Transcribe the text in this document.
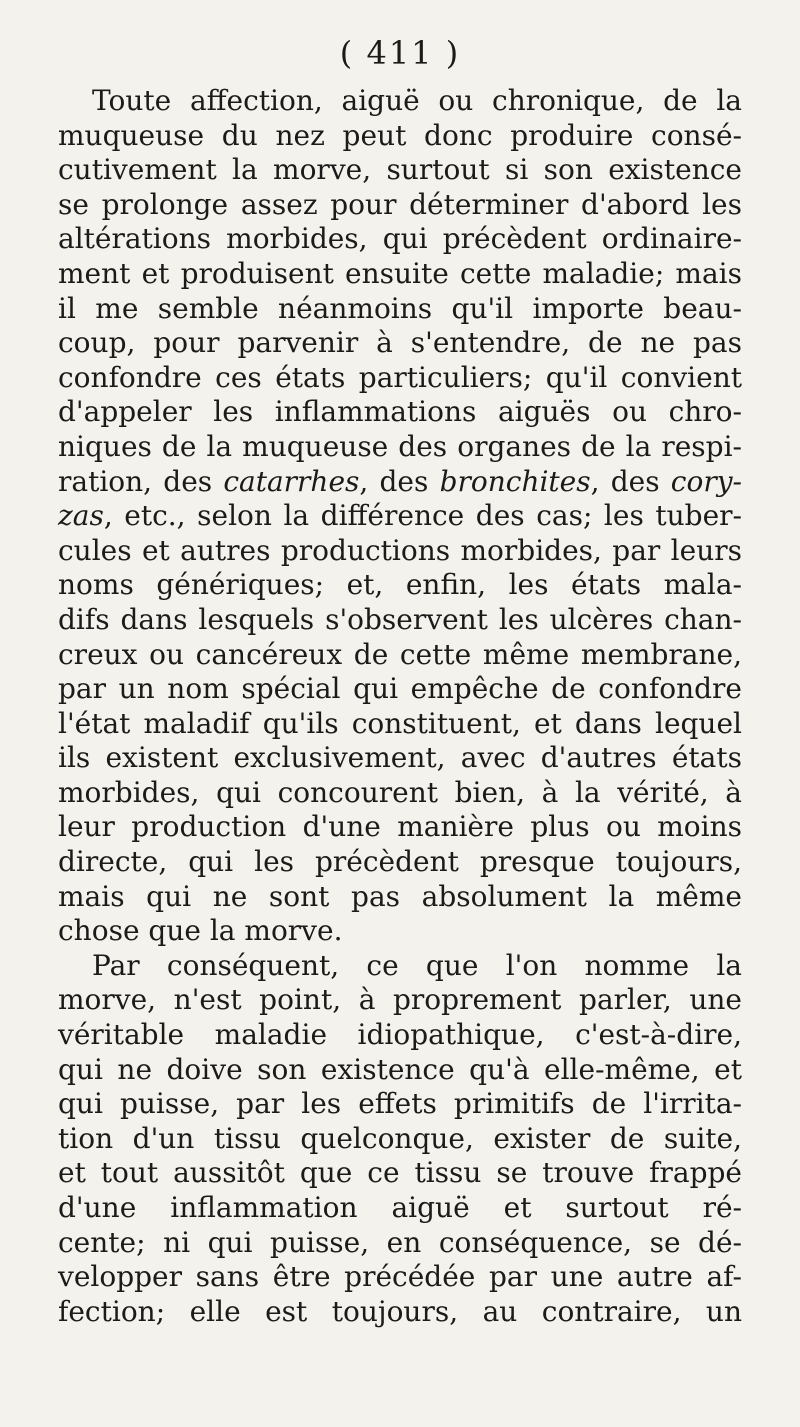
( 411 )
Toute affection, aiguë ou chronique, de la
muqueuse du nez peut donc produire consé-
cutivement la morve, surtout si son existence
se prolonge assez pour déterminer d'abord les
altérations morbides, qui précèdent ordinaire-
ment et produisent ensuite cette maladie; mais
il me semble néanmoins qu'il importe beau-
coup, pour parvenir à s'entendre, de ne pas
confondre ces états particuliers; qu'il convient
d'appeler les inflammations aiguës ou chro-
niques de la muqueuse des organes de la respi-
ration, des catarrhes, des bronchites, des cory-
zas, etc., selon la différence des cas; les tuber-
cules et autres productions morbides, par leurs
noms génériques; et, enfin, les états mala-
difs dans lesquels s'observent les ulcères chan-
creux ou cancéreux de cette même membrane,
par un nom spécial qui empêche de confondre
l'état maladif qu'ils constituent, et dans lequel
ils existent exclusivement, avec d'autres états
morbides, qui concourent bien, à la vérité, à
leur production d'une manière plus ou moins
directe, qui les précèdent presque toujours,
mais qui ne sont pas absolument la même
chose que la morve.
Par conséquent, ce que l'on nomme la
morve, n'est point, à proprement parler, une
véritable maladie idiopathique, c'est-à-dire,
qui ne doive son existence qu'à elle-même, et
qui puisse, par les effets primitifs de l'irrita-
tion d'un tissu quelconque, exister de suite,
et tout aussitôt que ce tissu se trouve frappé
d'une inflammation aiguë et surtout ré-
cente; ni qui puisse, en conséquence, se dé-
velopper sans être précédée par une autre af-
fection; elle est toujours, au contraire, un
